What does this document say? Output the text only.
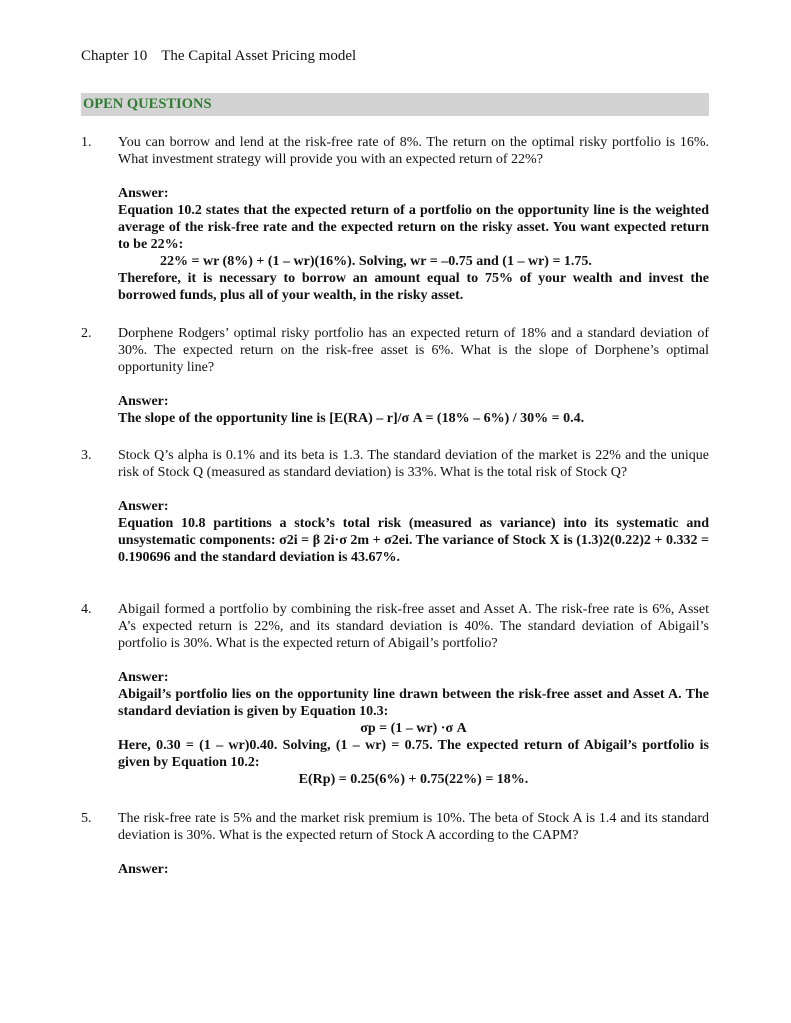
Chapter 10 The Capital Asset Pricing model
OPEN QUESTIONS
1. You can borrow and lend at the risk-free rate of 8%. The return on the optimal risky portfolio is 16%. What investment strategy will provide you with an expected return of 22%?

Answer:

Equation 10.2 states that the expected return of a portfolio on the opportunity line is the weighted average of the risk-free rate and the expected return on the risky asset. You want expected return to be 22%:

22% = wr (8%) + (1 – wr)(16%). Solving, wr = –0.75 and (1 – wr) = 1.75.

Therefore, it is necessary to borrow an amount equal to 75% of your wealth and invest the borrowed funds, plus all of your wealth, in the risky asset.

2. Dorphene Rodgers’ optimal risky portfolio has an expected return of 18% and a standard deviation of 30%. The expected return on the risk-free asset is 6%. What is the slope of Dorphene’s optimal opportunity line?

Answer:

The slope of the opportunity line is [E(RA) – r]/σ A = (18% – 6%) / 30% = 0.4.

3. Stock Q’s alpha is 0.1% and its beta is 1.3. The standard deviation of the market is 22% and the unique risk of Stock Q (measured as standard deviation) is 33%. What is the total risk of Stock Q?

Answer:

Equation 10.8 partitions a stock’s total risk (measured as variance) into its systematic and unsystematic components: σ2i = β 2i·σ 2m + σ2ei. The variance of Stock X is (1.3)2(0.22)2 + 0.332 = 0.190696 and the standard deviation is 43.67%.

4. Abigail formed a portfolio by combining the risk-free asset and Asset A. The risk-free rate is 6%, Asset A’s expected return is 22%, and its standard deviation is 40%. The standard deviation of Abigail’s portfolio is 30%. What is the expected return of Abigail’s portfolio?

Answer:

Abigail’s portfolio lies on the opportunity line drawn between the risk-free asset and Asset A. The standard deviation is given by Equation 10.3:

σp = (1 – wr) ·σ A

Here, 0.30 = (1 – wr)0.40. Solving, (1 – wr) = 0.75. The expected return of Abigail’s portfolio is given by Equation 10.2:

E(Rp) = 0.25(6%) + 0.75(22%) = 18%.

5. The risk-free rate is 5% and the market risk premium is 10%. The beta of Stock A is 1.4 and its standard deviation is 30%. What is the expected return of Stock A according to the CAPM?

Answer:
